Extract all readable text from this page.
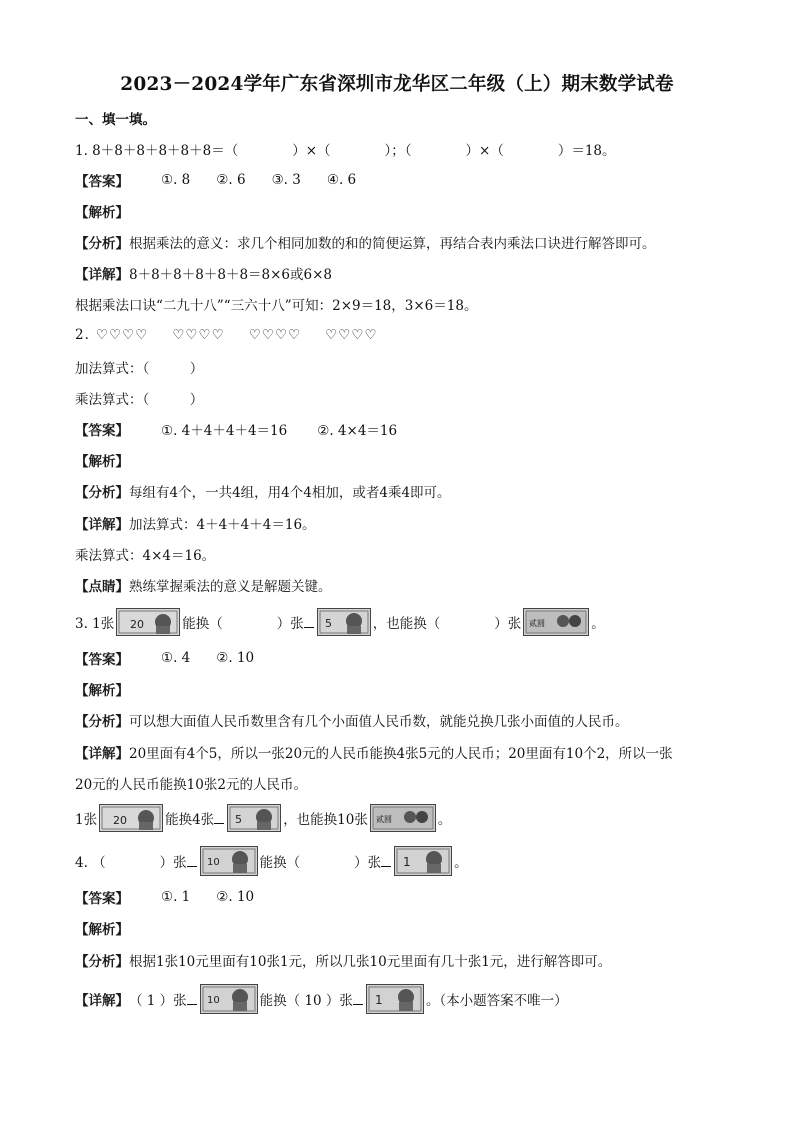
2023－2024学年广东省深圳市龙华区二年级（上）期末数学试卷
一、填一填。
1. 8＋8＋8＋8＋8＋8＝（　　　　）×（　　　　）；（　　　　）×（　　　　）＝18。
【答案】 ①. 8 ②. 6 ③. 3 ④. 6
【解析】
【分析】 根据乘法的意义：求几个相同加数的和的简便运算，再结合表内乘法口诀进行解答即可。
【详解】 8＋8＋8＋8＋8＋8＝8×6或6×8
根据乘法口诀“二九十八”“三六十八”可知：2×9＝18，3×6＝18。
2. ♡♡♡♡ ♡♡♡♡ ♡♡♡♡ ♡♡♡♡
加法算式：（　　　）
乘法算式：（　　　）
【答案】 ①. 4＋4＋4＋4＝16 ②. 4×4＝16
【解析】
【分析】 每组有4个，一共4组，用4个4相加，或者4乘4即可。
【详解】 加法算式：4＋4＋4＋4＝16。
乘法算式：4×4＝16。
【点睛】 熟练掌握乘法的意义是解题关键。
3. 1张 20	能换（　　　　）张 5	，也能换（　　　　）张 贰圆	。
【答案】 ①. 4 ②. 10
【解析】
【分析】 可以想大面值人民币数里含有几个小面值人民币数，就能兑换几张小面值的人民币。
【详解】 20里面有4个5，所以一张20元的人民币能换4张5元的人民币；20里面有10个2，所以一张
20元的人民币能换10张2元的人民币。
1张 20	能换4张 5	，也能换10张 贰圆	。
4. （　　　　）张 10	能换（　　　　）张 1	。
【答案】 ①. 1 ②. 10
【解析】
【分析】 根据1张10元里面有10张1元，所以几张10元里面有几十张1元，进行解答即可。
【详解】 （ 1 ）张 10	能换（ 10 ）张 1	。（本小题答案不唯一）
